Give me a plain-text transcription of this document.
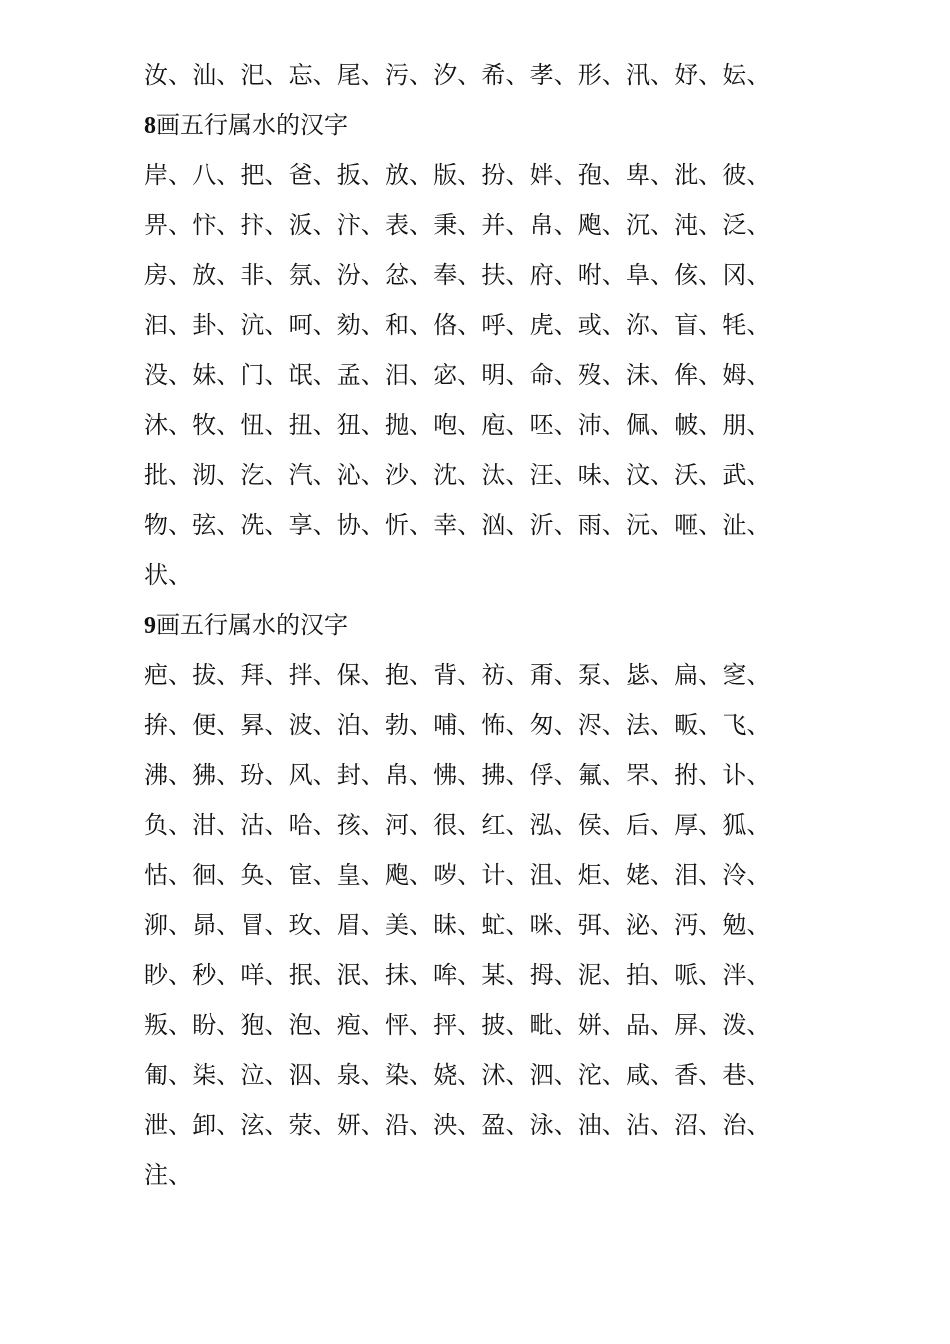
汝、汕、汜、忘、尾、污、汐、希、孝、形、汛、妤、妘、
8画五行属水的汉字
岸、八、把、爸、扳、放、版、扮、姅、孢、卑、沘、彼、
畀、忭、抃、汳、汴、表、秉、并、帛、飑、沉、沌、泛、
房、放、非、氛、汾、忿、奉、扶、府、咐、阜、侅、冈、
汩、卦、沆、呵、劾、和、佫、呼、虎、或、沵、盲、牦、
没、妹、门、氓、孟、汨、宓、明、命、歿、沫、侔、姆、
沐、牧、忸、扭、狃、抛、咆、庖、呸、沛、佩、帔、朋、
批、沏、汔、汽、沁、沙、沈、汰、汪、味、汶、沃、武、
物、弦、冼、享、协、忻、幸、汹、沂、雨、沅、咂、沚、
状、
9画五行属水的汉字
疤、拔、拜、拌、保、抱、背、祊、甭、泵、毖、扁、窆、
拚、便、昪、波、泊、勃、哺、怖、匆、浕、法、畈、飞、
沸、狒、玢、风、封、帛、怫、拂、俘、氟、罘、拊、讣、
负、泔、沽、哈、孩、河、很、红、泓、侯、后、厚、狐、
怙、徊、奂、宦、皇、飑、哕、计、沮、炬、姥、泪、泠、
泖、昴、冒、玫、眉、美、昧、虻、咪、弭、泌、沔、勉、
眇、秒、咩、抿、泯、抹、哞、某、拇、泥、拍、哌、泮、
叛、盼、狍、泡、疱、怦、抨、披、毗、姘、品、屏、泼、
匍、柒、泣、泅、泉、染、娆、沭、泗、沱、咸、香、巷、
泄、卸、泫、荥、妍、沿、泱、盈、泳、油、沾、沼、治、
注、
